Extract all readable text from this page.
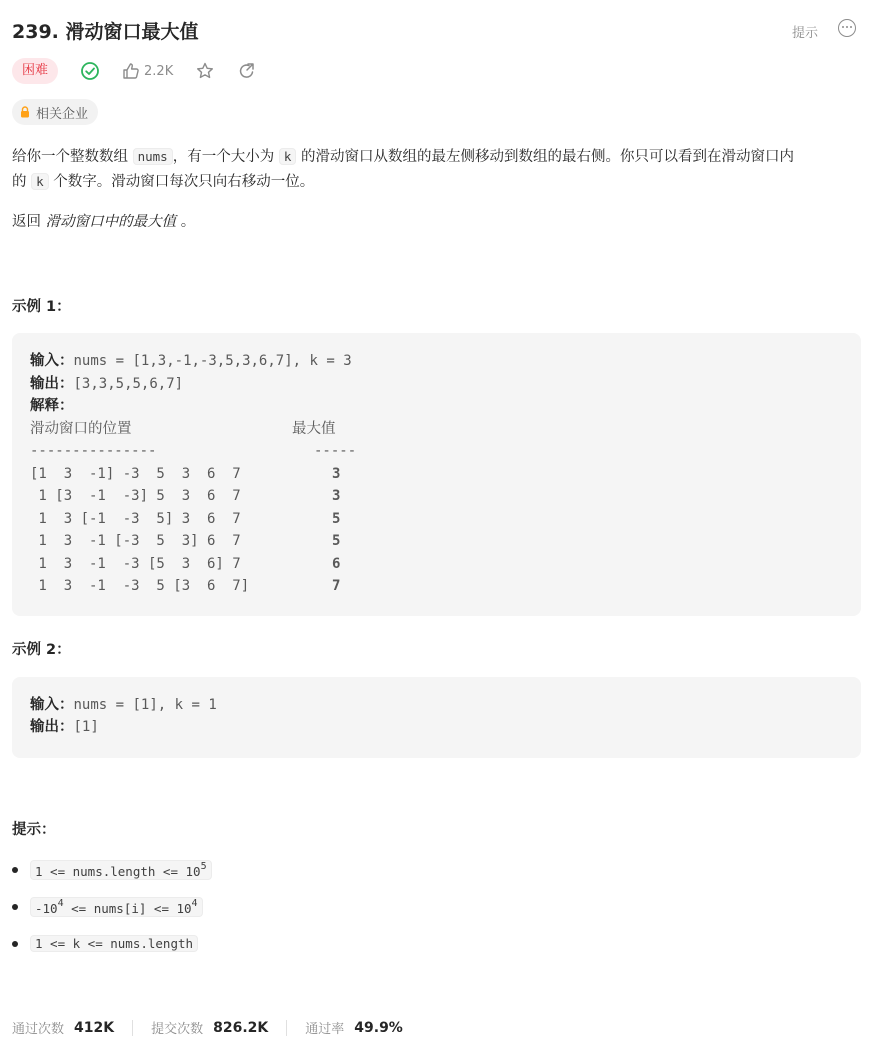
239. 滑动窗口最大值	提示
困难	2.2K
相关企业
给你一个整数数组 nums ，有一个大小为 k 的滑动窗口从数组的最左侧移动到数组的最右侧。你只可以看到在滑动窗口内
的 k 个数字。滑动窗口每次只向右移动一位。
返回 滑动窗口中的最大值 。
示例 1：
输入：nums = [1,3,-1,-3,5,3,6,7], k = 3
输出：[3,3,5,5,6,7]
解释：
滑动窗口的位置	最大值
---------------	-----
[1  3  -1] -3  5  3  6  7	3
1 [3  -1  -3] 5  3  6  7	3
1  3 [-1  -3  5] 3  6  7	5
1  3  -1 [-3  5  3] 6  7	5
1  3  -1  -3 [5  3  6] 7	6
1  3  -1  -3  5 [3  6  7]	7
示例 2：
输入：nums = [1], k = 1
输出：[1]
提示：
1 <= nums.length <= $10^5$
$-10^4$ <= nums[i] <= $10^4$
1 <= k <= nums.length
通过次数 412K	提交次数 826.2K	通过率 49.9%
